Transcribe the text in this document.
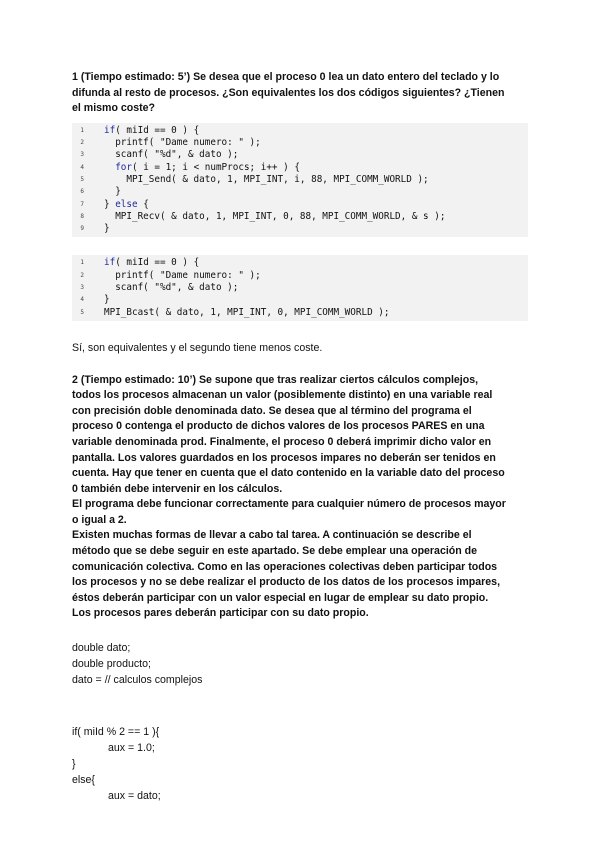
1 (Tiempo estimado: 5’) Se desea que el proceso 0 lea un dato entero del teclado y lo

difunda al resto de procesos. ¿Son equivalentes los dos códigos siguientes? ¿Tienen

el mismo coste?

1	if( miId == 0 ) {
2	printf( "Dame numero: " );
3	scanf( "%d", & dato );
4	for( i = 1; i < numProcs; i++ ) {
5	MPI_Send( & dato, 1, MPI_INT, i, 88, MPI_COMM_WORLD );
6	}
7	} else {
8	MPI_Recv( & dato, 1, MPI_INT, 0, 88, MPI_COMM_WORLD, & s );
9	}
1	if( miId == 0 ) {
2	printf( "Dame numero: " );
3	scanf( "%d", & dato );
4	}
5	MPI_Bcast( & dato, 1, MPI_INT, 0, MPI_COMM_WORLD );

Sí, son equivalentes y el segundo tiene menos coste.

2 (Tiempo estimado: 10’) Se supone que tras realizar ciertos cálculos complejos,

todos los procesos almacenan un valor (posiblemente distinto) en una variable real

con precisión doble denominada dato. Se desea que al término del programa el

proceso 0 contenga el producto de dichos valores de los procesos PARES en una

variable denominada prod. Finalmente, el proceso 0 deberá imprimir dicho valor en

pantalla. Los valores guardados en los procesos impares no deberán ser tenidos en

cuenta. Hay que tener en cuenta que el dato contenido en la variable dato del proceso

0 también debe intervenir en los cálculos.

El programa debe funcionar correctamente para cualquier número de procesos mayor

o igual a 2.

Existen muchas formas de llevar a cabo tal tarea. A continuación se describe el

método que se debe seguir en este apartado. Se debe emplear una operación de

comunicación colectiva. Como en las operaciones colectivas deben participar todos

los procesos y no se debe realizar el producto de los datos de los procesos impares,

éstos deberán participar con un valor especial en lugar de emplear su dato propio.

Los procesos pares deberán participar con su dato propio.

double dato;

double producto;

dato = // calculos complejos

if( miId % 2 == 1 ){

aux = 1.0;

}

else{

aux = dato;
